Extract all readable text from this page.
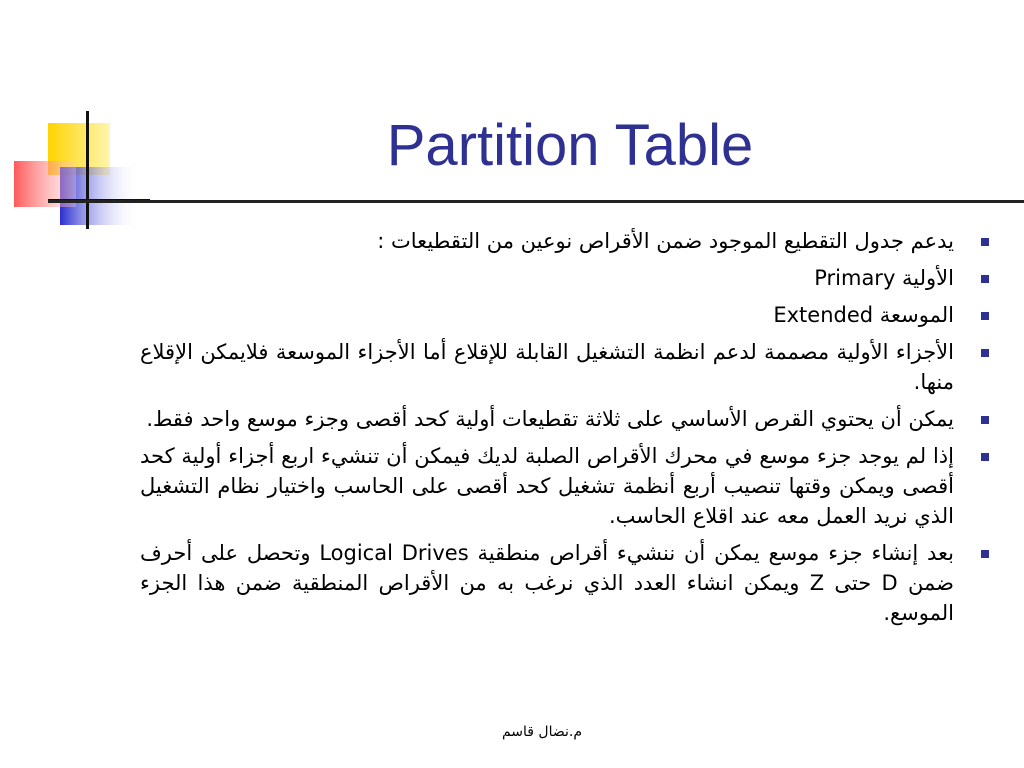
Partition Table
يدعم جدول التقطيع الموجود ضمن الأقراص نوعين من التقطيعات :
الأولية Primary
الموسعة Extended
الأجزاء الأولية مصممة لدعم انظمة التشغيل القابلة للإقلاع أما الأجزاء الموسعة فلايمكن الإقلاع منها.
يمكن أن يحتوي القرص الأساسي على ثلاثة تقطيعات أولية كحد أقصى وجزء موسع واحد فقط.
إذا لم يوجد جزء موسع في محرك الأقراص الصلبة لديك فيمكن أن تنشيء اربع أجزاء أولية كحد أقصى ويمكن وقتها تنصيب أربع أنظمة تشغيل كحد أقصى على الحاسب واختيار نظام التشغيل الذي نريد العمل معه عند اقلاع الحاسب.
بعد إنشاء جزء موسع يمكن أن ننشيء أقراص منطقية Logical Drives وتحصل على أحرف ضمن D حتى Z ويمكن انشاء العدد الذي نرغب به من الأقراص المنطقية ضمن هذا الجزء الموسع.
م.نضال قاسم
